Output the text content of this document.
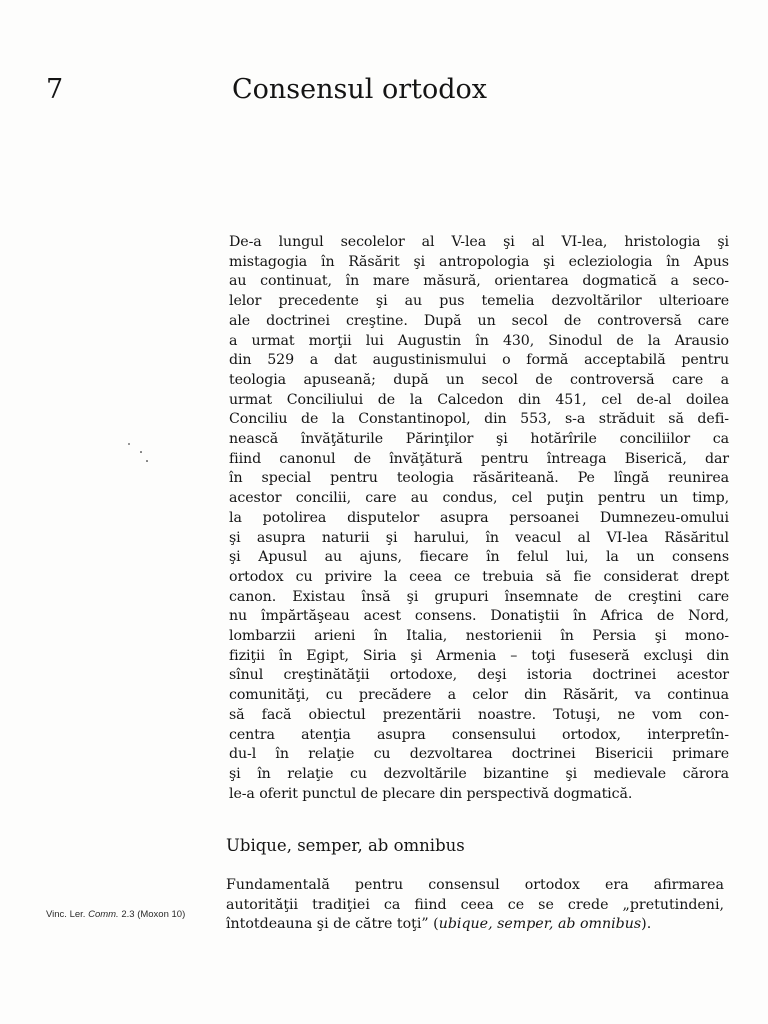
7	Consensul ortodox
De-a lungul secolelor al V-lea şi al VI-lea, hristologia şi
mistagogia în Răsărit şi antropologia şi ecleziologia în Apus
au continuat, în mare măsură, orientarea dogmatică a seco-
lelor precedente şi au pus temelia dezvoltărilor ulterioare
ale doctrinei creştine. După un secol de controversă care
a urmat morţii lui Augustin în 430, Sinodul de la Arausio
din 529 a dat augustinismului o formă acceptabilă pentru
teologia apuseană; după un secol de controversă care a
urmat Conciliului de la Calcedon din 451, cel de-al doilea
Conciliu de la Constantinopol, din 553, s-a străduit să defi-
nească învăţăturile Părinţilor şi hotărîrile conciliilor ca
fiind canonul de învăţătură pentru întreaga Biserică, dar
în special pentru teologia răsăriteană. Pe lîngă reunirea
acestor concilii, care au condus, cel puţin pentru un timp,
la potolirea disputelor asupra persoanei Dumnezeu-omului
şi asupra naturii şi harului, în veacul al VI-lea Răsăritul
şi Apusul au ajuns, fiecare în felul lui, la un consens
ortodox cu privire la ceea ce trebuia să fie considerat drept
canon. Existau însă şi grupuri însemnate de creştini care
nu împărtăşeau acest consens. Donatiştii în Africa de Nord,
lombarzii arieni în Italia, nestorienii în Persia şi mono-
fiziţii în Egipt, Siria şi Armenia – toţi fuseseră excluşi din
sînul creştinătăţii ortodoxe, deşi istoria doctrinei acestor
comunităţi, cu precădere a celor din Răsărit, va continua
să facă obiectul prezentării noastre. Totuşi, ne vom con-
centra atenţia asupra consensului ortodox, interpretîn-
du-l în relaţie cu dezvoltarea doctrinei Bisericii primare
şi în relaţie cu dezvoltările bizantine şi medievale cărora
le-a oferit punctul de plecare din perspectivă dogmatică.
Ubique, semper, ab omnibus
Fundamentală pentru consensul ortodox era afirmarea
autorităţii tradiţiei ca fiind ceea ce se crede „pretutindeni,
întotdeauna şi de către toţi” (ubique, semper, ab omnibus).
Vinc. Ler. Comm. 2.3 (Moxon 10)
